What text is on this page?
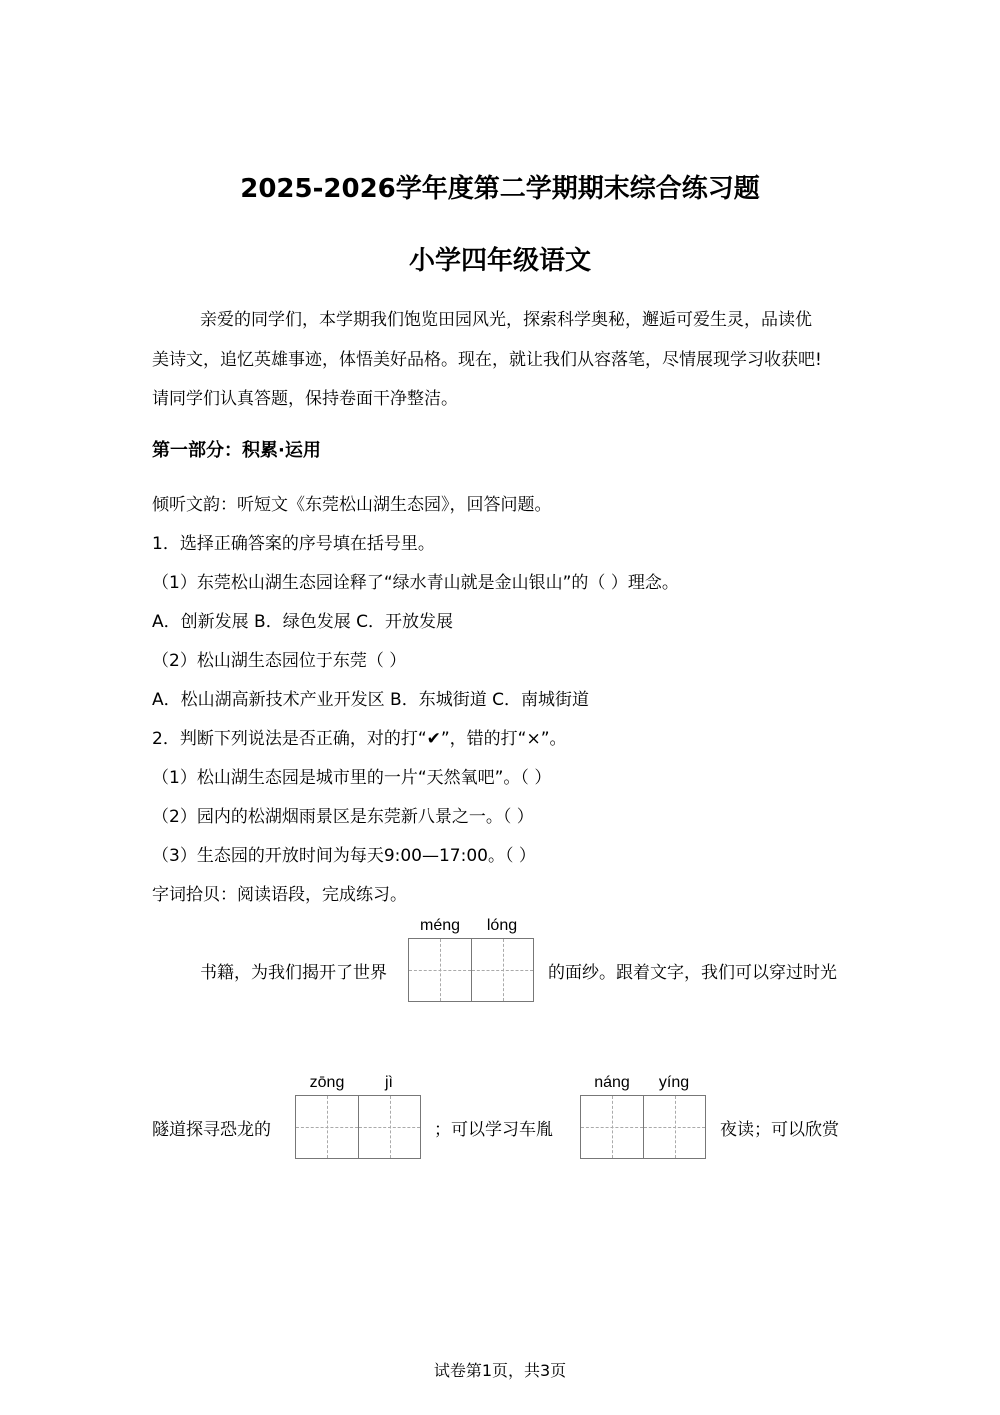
2025-2026学年度第二学期期末综合练习题
小学四年级语文
亲爱的同学们，本学期我们饱览田园风光，探索科学奥秘，邂逅可爱生灵，品读优
美诗文，追忆英雄事迹，体悟美好品格。现在，就让我们从容落笔，尽情展现学习收获吧!
请同学们认真答题，保持卷面干净整洁。
第一部分：积累·运用
倾听文韵：听短文《东莞松山湖生态园》，回答问题。
1．选择正确答案的序号填在括号里。
（1）东莞松山湖生态园诠释了“绿水青山就是金山银山”的（ ）理念。
A．创新发展 B．绿色发展 C．开放发展
（2）松山湖生态园位于东莞（ ）
A．松山湖高新技术产业开发区 B．东城街道 C．南城街道
2．判断下列说法是否正确，对的打“✔”，错的打“×”。
（1）松山湖生态园是城市里的一片“天然氧吧”。（ ）
（2）园内的松湖烟雨景区是东莞新八景之一。（ ）
（3）生态园的开放时间为每天9:00—17:00。（ ）
字词拾贝：阅读语段，完成练习。
méng	lóng
书籍，为我们揭开了世界	的面纱。跟着文字，我们可以穿过时光
zōng	jì	náng	yíng
隧道探寻恐龙的	；可以学习车胤	夜读；可以欣赏
试卷第1页，共3页
